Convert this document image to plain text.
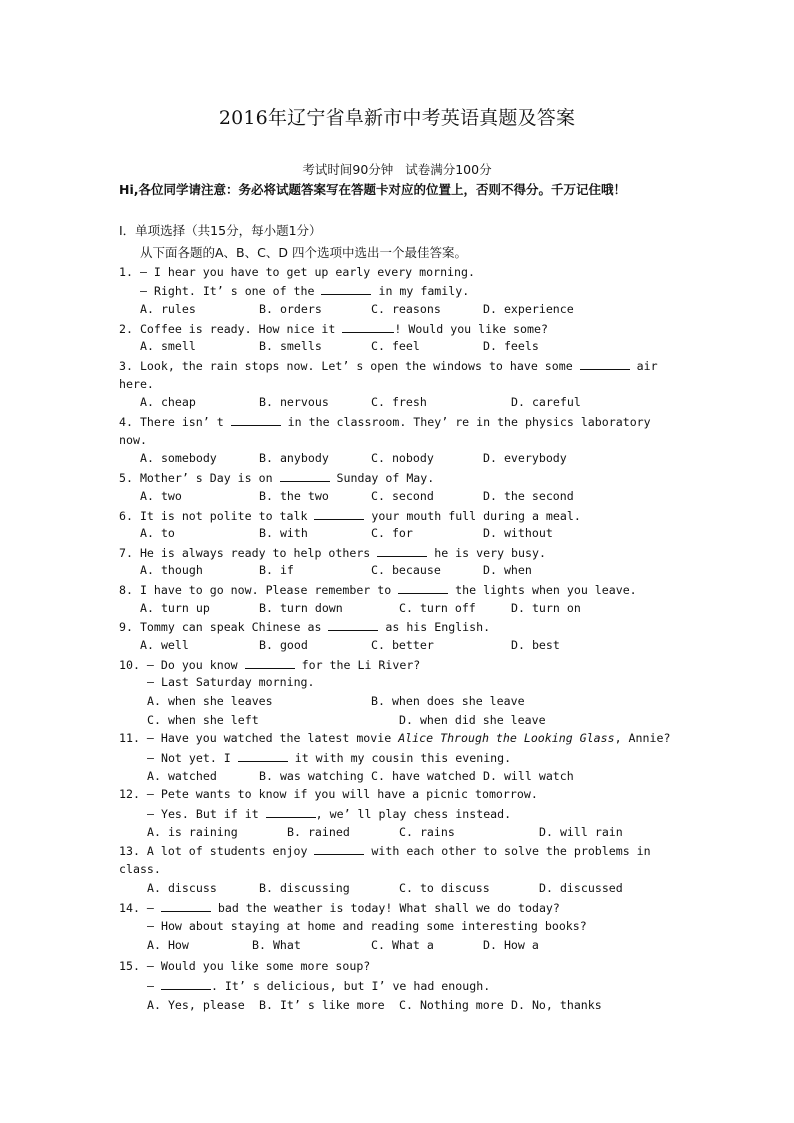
2016年辽宁省阜新市中考英语真题及答案
考试时间90分钟   试卷满分100分
Hi,各位同学请注意：务必将试题答案写在答题卡对应的位置上，否则不得分。千万记住哦！
Ⅰ．单项选择（共15分，每小题1分）
从下面各题的A、B、C、D 四个选项中选出一个最佳答案。
1. — I hear you have to get up early every morning.
— Right. It’ s one of the	in my family.

A. rules

	B. orders

	C. reasons

	D. experience

2. Coffee is ready. How nice it	! Would you like some?

A. smell

	B. smells

	C. feel

	D. feels

3. Look, the rain stops now. Let’ s open the windows to have some	air
here.

A. cheap

	B. nervous

	C. fresh

	D. careful

4. There isn’ t	in the classroom. They’ re in the physics laboratory
now.

A. somebody

	B. anybody

	C. nobody

	D. everybody

5. Mother’ s Day is on	Sunday of May.

A. two

	B. the two

	C. second

	D. the second

6. It is not polite to talk	your mouth full during a meal.

A. to

	B. with

	C. for

	D. without

7. He is always ready to help others	he is very busy.

A. though

	B. if

	C. because

	D. when

8. I have to go now. Please remember to	the lights when you leave.

A. turn up

	B. turn down

	C. turn off

	D. turn on

9. Tommy can speak Chinese as	as his English.

A. well

	B. good

	C. better

	D. best

10. — Do you know	for the Li River?
— Last Saturday morning.

A. when she leaves

	B. when does she leave

C. when she left

	D. when did she leave

11. — Have you watched the latest movie Alice Through the Looking Glass, Annie?
— Not yet. I	it with my cousin this evening.

A. watched

	B. was watching

C. have watched

D. will watch

12. — Pete wants to know if you will have a picnic tomorrow.
— Yes. But if it	, we’ ll play chess instead.

A. is raining

	B. rained

	C. rains

	D. will rain

13. A lot of students enjoy	with each other to solve the problems in
class.

A. discuss

	B. discussing

	C. to discuss

	D. discussed

14. —	bad the weather is today! What shall we do today?
— How about staying at home and reading some interesting books?

A. How

	B. What

	C. What a

	D. How a

15. — Would you like some more soup?
—	. It’ s delicious, but I’ ve had enough.

A. Yes, please

B. It’ s like more

C. Nothing more

D. No, thanks
